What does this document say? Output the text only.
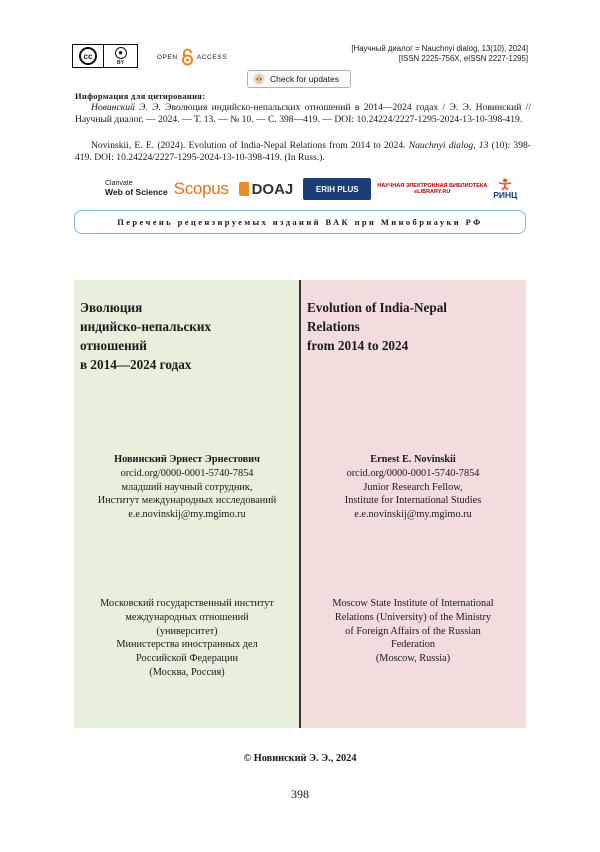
cc	●
BY
OPEN	ACCESS
[Научный диалог = Nauchnyi dialog, 13(10), 2024]
[ISSN 2225-756X, eISSN 2227-1295]
Check for updates
Информация для цитирования:
Новинский Э. Э. Эволюция индийско-непальских отношений в 2014—2024 годах / Э. Э. Новинский // Научный диалог. — 2024. — Т. 13. — № 10. — С. 398—419. — DOI: 10.24224/2227-1295-2024-13-10-398-419.
Novinskii, E. E. (2024). Evolution of India-Nepal Relations from 2014 to 2024. Nauchnyi dialog, 13 (10): 398-419. DOI: 10.24224/2227-1295-2024-13-10-398-419. (In Russ.).
Clarivate
Web of Science Scopus DOAJ	ERIH PLUS	НАУЧНАЯ ЭЛЕКТРОННАЯ БИБЛИОТЕКА
eLIBRARY.RU	РИНЦ
Перечень рецензируемых изданий ВАК при Минобрнауки РФ
Эволюция
индийско-непальских
отношений
в 2014—2024 годах
Evolution of India-Nepal
Relations
from 2014 to 2024
Новинский Эрнест Эрнестович
orcid.org/0000-0001-5740-7854
младший научный сотрудник,
Институт международных исследований
e.e.novinskij@my.mgimo.ru
Ernest E. Novinskii
orcid.org/0000-0001-5740-7854
Junior Research Fellow,
Institute for International Studies
e.e.novinskij@my.mgimo.ru
Московский государственный институт
международных отношений
(университет)
Министерства иностранных дел
Российской Федерации
(Москва, Россия)
Moscow State Institute of International
Relations (University) of the Ministry
of Foreign Affairs of the Russian
Federation
(Moscow, Russia)
© Новинский Э. Э., 2024
398
